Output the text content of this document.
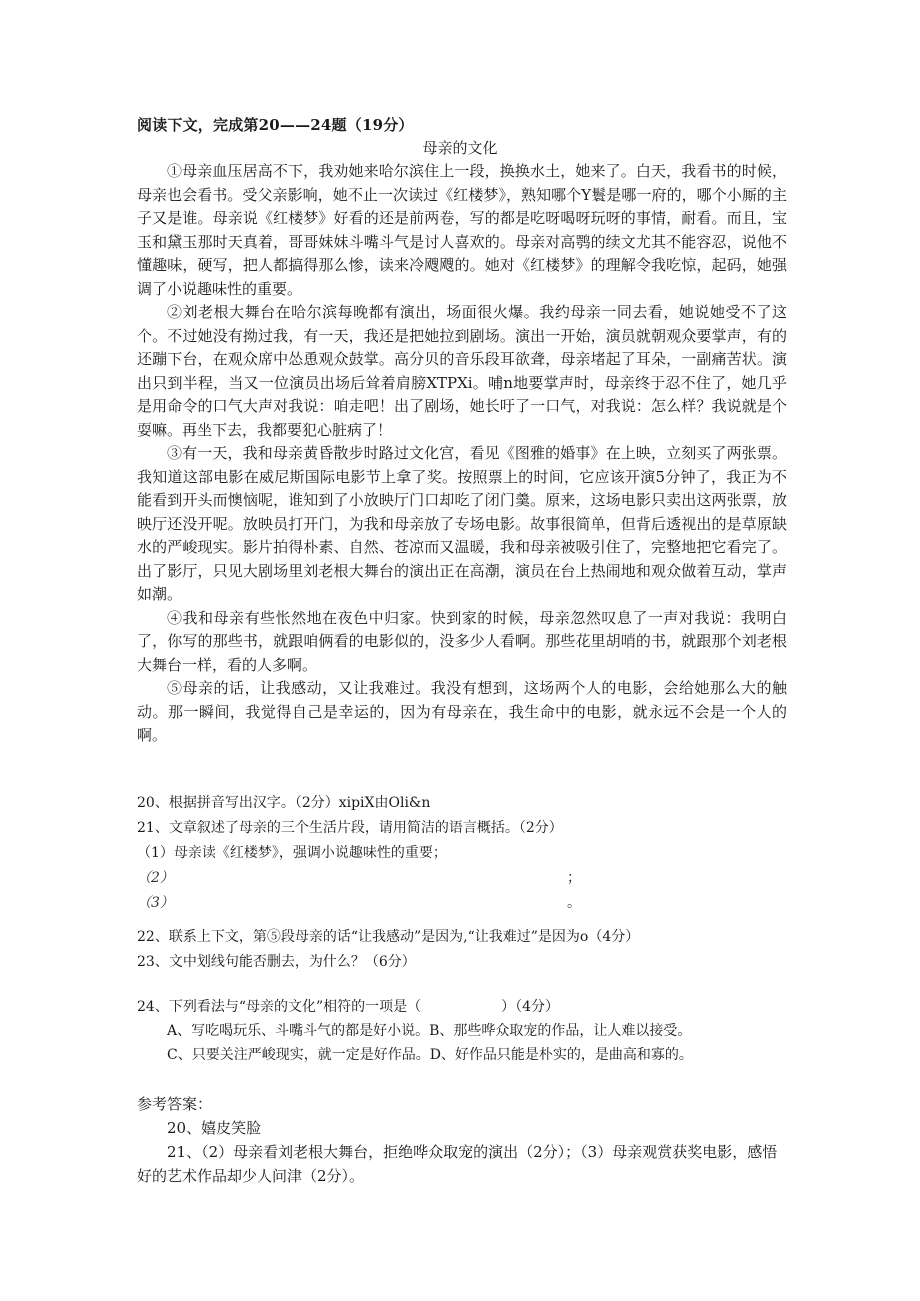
阅读下文，完成第20——24题（19分）
母亲的文化

①母亲血压居高不下，我劝她来哈尔滨住上一段，换换水土，她来了。白天，我看书的时候，母亲也会看书。受父亲影响，她不止一次读过《红楼梦》，熟知哪个Y鬟是哪一府的，哪个小厮的主子又是谁。母亲说《红楼梦》好看的还是前两卷，写的都是吃呀喝呀玩呀的事情，耐看。而且，宝玉和黛玉那时天真着，哥哥妹妹斗嘴斗气是讨人喜欢的。母亲对高鹗的续文尤其不能容忍，说他不懂趣味，硬写，把人都搞得那么惨，读来冷飕飕的。她对《红楼梦》的理解令我吃惊，起码，她强调了小说趣味性的重要。

②刘老根大舞台在哈尔滨每晚都有演出，场面很火爆。我约母亲一同去看，她说她受不了这个。不过她没有拗过我，有一天，我还是把她拉到剧场。演出一开始，演员就朝观众要掌声，有的还蹦下台，在观众席中怂恿观众鼓掌。高分贝的音乐段耳欲聋，母亲堵起了耳朵，一副痛苦状。演出只到半程，当又一位演员出场后耸着肩膀XTPXi。哺n地要掌声时，母亲终于忍不住了，她几乎是用命令的口气大声对我说：咱走吧！出了剧场，她长吁了一口气，对我说：怎么样？我说就是个耍嘛。再坐下去，我都要犯心脏病了！

③有一天，我和母亲黄昏散步时路过文化宫，看见《图雅的婚事》在上映，立刻买了两张票。我知道这部电影在威尼斯国际电影节上拿了奖。按照票上的时间，它应该开演5分钟了，我正为不能看到开头而懊恼呢，谁知到了小放映厅门口却吃了闭门羹。原来，这场电影只卖出这两张票，放映厅还没开呢。放映员打开门，为我和母亲放了专场电影。故事很简单，但背后透视出的是草原缺水的严峻现实。影片拍得朴素、自然、苍凉而又温暖，我和母亲被吸引住了，完整地把它看完了。出了影厅，只见大剧场里刘老根大舞台的演出正在高潮，演员在台上热闹地和观众做着互动，掌声如潮。

④我和母亲有些怅然地在夜色中归家。快到家的时候，母亲忽然叹息了一声对我说：我明白了，你写的那些书，就跟咱俩看的电影似的，没多少人看啊。那些花里胡哨的书，就跟那个刘老根大舞台一样，看的人多啊。

⑤母亲的话，让我感动，又让我难过。我没有想到，这场两个人的电影，会给她那么大的触动。那一瞬间，我觉得自己是幸运的，因为有母亲在，我生命中的电影，就永远不会是一个人的啊。

20、根据拼音写出汉字。（2分）xipiX由Oli&n
21、文章叙述了母亲的三个生活片段，请用简洁的语言概括。（2分）
（1）母亲读《红楼梦》，强调小说趣味性的重要；
（2）	；
（3）	。
22、联系上下文，第⑤段母亲的话“让我感动”是因为,“让我难过”是因为o（4分）
23、文中划线句能否删去，为什么？（6分）
24、下列看法与“母亲的文化”相符的一项是（	）（4分）
A、写吃喝玩乐、斗嘴斗气的都是好小说。B、那些哗众取宠的作品，让人难以接受。
C、只要关注严峻现实，就一定是好作品。D、好作品只能是朴实的，是曲高和寡的。
参考答案：

20、嬉皮笑脸

21、（2）母亲看刘老根大舞台，拒绝哗众取宠的演出（2分）；（3）母亲观赏获奖电影，感悟好的艺术作品却少人问津（2分）。
